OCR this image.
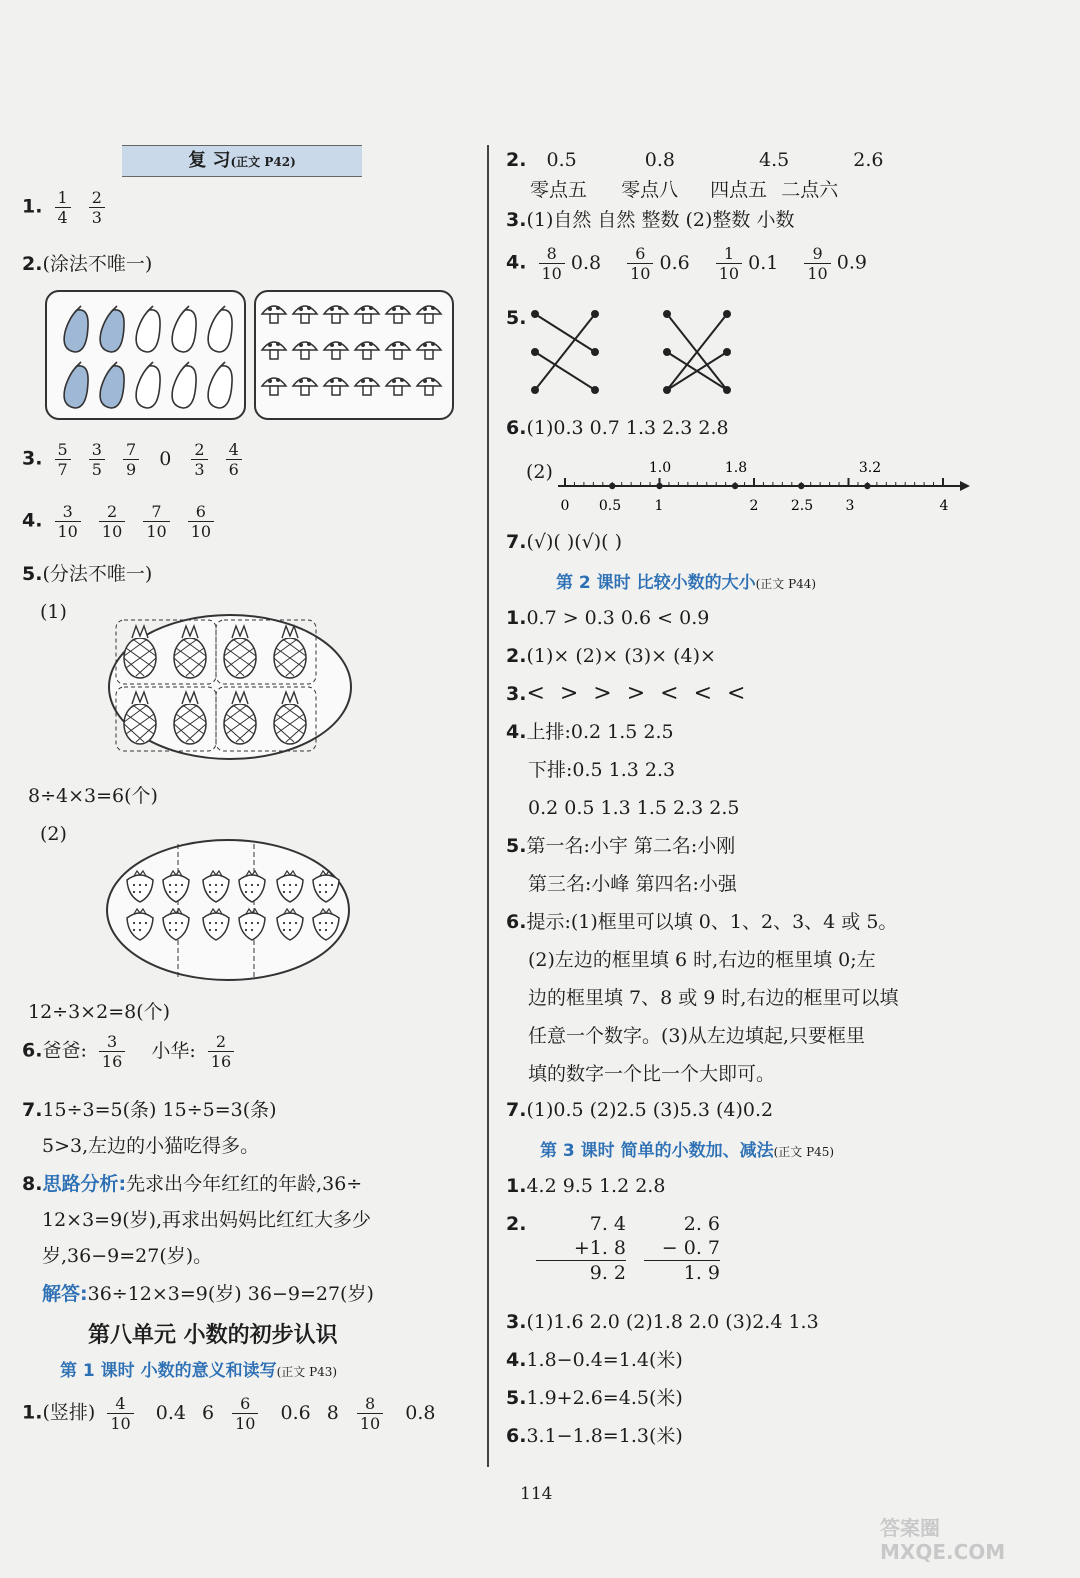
复 习(正文 P42)
1. $\frac{1}{4}$
$\frac{2}{3}$
2.(涂法不唯一)
3. $\frac{5}{7}$
$\frac{3}{5}$
$\frac{7}{9} 0 \frac{2}{3}$
$\frac{4}{6}$
4. $\frac{3}{10}$
$\frac{2}{10}$
$\frac{7}{10}$
$\frac{6}{10}$
5.(分法不唯一)
(1)
8÷4×3=6(个)
(2)
12÷3×2=8(个)
6.爸爸: $\frac{3}{16}$ 小华: $\frac{2}{16}$
7.15÷3=5(条) 15÷5=3(条)
5>3,左边的小猫吃得多。
8.思路分析:先求出今年红红的年龄,36÷
12×3=9(岁),再求出妈妈比红红大多少
岁,36−9=27(岁)。
解答:36÷12×3=9(岁) 36−9=27(岁)
第八单元 小数的初步认识
第 1 课时 小数的意义和读写(正文 P43)
1.(竖排) $\frac{4}{10} 0.4$ $6 \frac{6}{10} 0.6$ $8 \frac{8}{10} 0.8$
2. 0.5	0.8	4.5	2.6
零点五 零点八 四点五 二点六
3.(1)自然 自然 整数 (2)整数 小数
4. $\frac{8}{10} 0.8 \frac{6}{10} 0.6 \frac{1}{10} 0.1 \frac{9}{10} 0.9$
5.
6.(1)0.3 0.7 1.3 2.3 2.8
(2)	1.0	1.8	3.2
0 0.5 1	2 2.5 3	4
7.(√)( )(√)( )
第 2 课时 比较小数的大小(正文 P44)
1.0.7 > 0.3 0.6 < 0.9
2.(1)× (2)× (3)× (4)×
3.< > > > < < <
4.上排:0.2 1.5 2.5
下排:0.5 1.3 2.3
0.2 0.5 1.3 1.5 2.3 2.5
5.第一名:小宇 第二名:小刚
第三名:小峰 第四名:小强
6.提示:(1)框里可以填 0、1、2、3、4 或 5。
(2)左边的框里填 6 时,右边的框里填 0;左
边的框里填 7、8 或 9 时,右边的框里可以填
任意一个数字。(3)从左边填起,只要框里
填的数字一个比一个大即可。
7.(1)0.5 (2)2.5 (3)5.3 (4)0.2
第 3 课时 简单的小数加、减法(正文 P45)
1.4.2 9.5 1.2 2.8
2.	7. 4
+1. 8
9. 2
2. 6
− 0. 7
1. 9
3.(1)1.6 2.0 (2)1.8 2.0 (3)2.4 1.3
4.1.8−0.4=1.4(米)
5.1.9+2.6=4.5(米)
6.3.1−1.8=1.3(米)
114
答案圈 MXQE.COM
